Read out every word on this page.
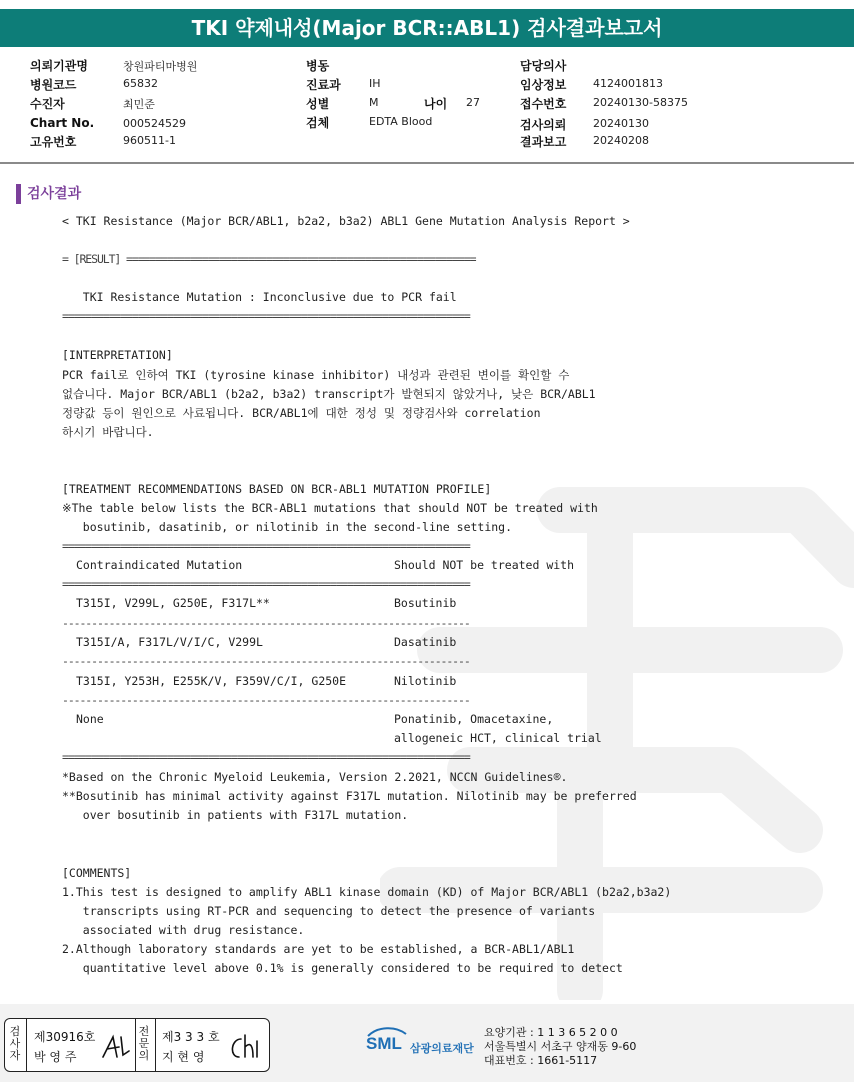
TKI 약제내성(Major BCR::ABL1) 검사결과보고서
의뢰기관명	창원파티마병원
병원코드	65832
수진자	최민준
Chart No.	000524529
고유번호	960511-1
병동
진료과	IH
성별	M
검체	EDTA Blood
나이 27
담당의사
임상정보 4124001813
접수번호 20240130-58375
검사의뢰 20240130
결과보고 20240208
검사결과
< TKI Resistance (Major BCR/ABL1, b2a2, b3a2) ABL1 Gene Mutation Analysis Report >
= [RESULT] ============================================================
TKI Resistance Mutation : Inconclusive due to PCR fail
======================================================================
[INTERPRETATION]
PCR fail로 인하여 TKI (tyrosine kinase inhibitor) 내성과 관련된 변이를 확인할 수
없습니다. Major BCR/ABL1 (b2a2, b3a2) transcript가 발현되지 않았거나, 낮은 BCR/ABL1
정량값 등이 원인으로 사료됩니다. BCR/ABL1에 대한 정성 및 정량검사와 correlation
하시기 바랍니다.
[TREATMENT RECOMMENDATIONS BASED ON BCR-ABL1 MUTATION PROFILE]
※The table below lists the BCR-ABL1 mutations that should NOT be treated with
bosutinib, dasatinib, or nilotinib in the second-line setting.
======================================================================
Contraindicated Mutation	Should NOT be treated with
======================================================================
T315I, V299L, G250E, F317L**	Bosutinib
----------------------------------------------------------------------
T315I/A, F317L/V/I/C, V299L	Dasatinib
----------------------------------------------------------------------
T315I, Y253H, E255K/V, F359V/C/I, G250E	Nilotinib
----------------------------------------------------------------------
None	Ponatinib, Omacetaxine,
allogeneic HCT, clinical trial
======================================================================
*Based on the Chronic Myeloid Leukemia, Version 2.2021, NCCN Guidelines®.
**Bosutinib has minimal activity against F317L mutation. Nilotinib may be preferred
over bosutinib in patients with F317L mutation.
[COMMENTS]
1.This test is designed to amplify ABL1 kinase domain (KD) of Major BCR/ABL1 (b2a2,b3a2)
transcripts using RT-PCR and sequencing to detect the presence of variants
associated with drug resistance.
2.Although laboratory standards are yet to be established, a BCR-ABL1/ABL1
quantitative level above 0.1% is generally considered to be required to detect
검
사
자
제30916호
박 영 주
전
문
의
제3 3 3 호
지 현 영
SML 삼광의료재단
요양기관 : 1 1 3 6 5 2 0 0
서울특별시 서초구 양재동 9-60
대표번호 : 1661-5117
